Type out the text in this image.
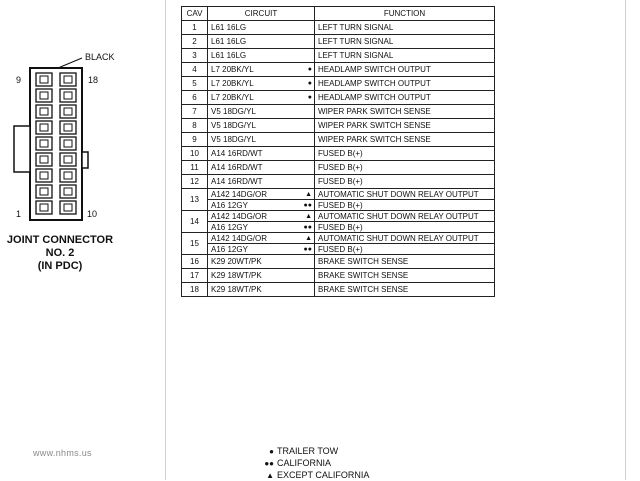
BLACK
9	18
1	10
JOINT CONNECTOR
NO. 2
(IN PDC)
CAV	CIRCUIT		FUNCTION
1	L61 16LG		LEFT TURN SIGNAL
2	L61 16LG		LEFT TURN SIGNAL
3	L61 16LG		LEFT TURN SIGNAL
4	L7 20BK/YL	●	HEADLAMP SWITCH OUTPUT
5	L7 20BK/YL	●	HEADLAMP SWITCH OUTPUT
6	L7 20BK/YL	●	HEADLAMP SWITCH OUTPUT
7	V5 18DG/YL		WIPER PARK SWITCH SENSE
8	V5 18DG/YL		WIPER PARK SWITCH SENSE
9	V5 18DG/YL		WIPER PARK SWITCH SENSE
10	A14 16RD/WT		FUSED B(+)
11	A14 16RD/WT		FUSED B(+)
12	A14 16RD/WT		FUSED B(+)
13	A142 14DG/OR	▲	AUTOMATIC SHUT DOWN RELAY OUTPUT
	A16 12GY	●●	FUSED B(+)
14	A142 14DG/OR	▲	AUTOMATIC SHUT DOWN RELAY OUTPUT
	A16 12GY	●●	FUSED B(+)
15	A142 14DG/OR	▲	AUTOMATIC SHUT DOWN RELAY OUTPUT
	A16 12GY	●●	FUSED B(+)
16	K29 20WT/PK		BRAKE SWITCH SENSE
17	K29 18WT/PK		BRAKE SWITCH SENSE
18	K29 18WT/PK		BRAKE SWITCH SENSE
● TRAILER TOW
●● CALIFORNIA
▲ EXCEPT CALIFORNIA
www.nhms.us
